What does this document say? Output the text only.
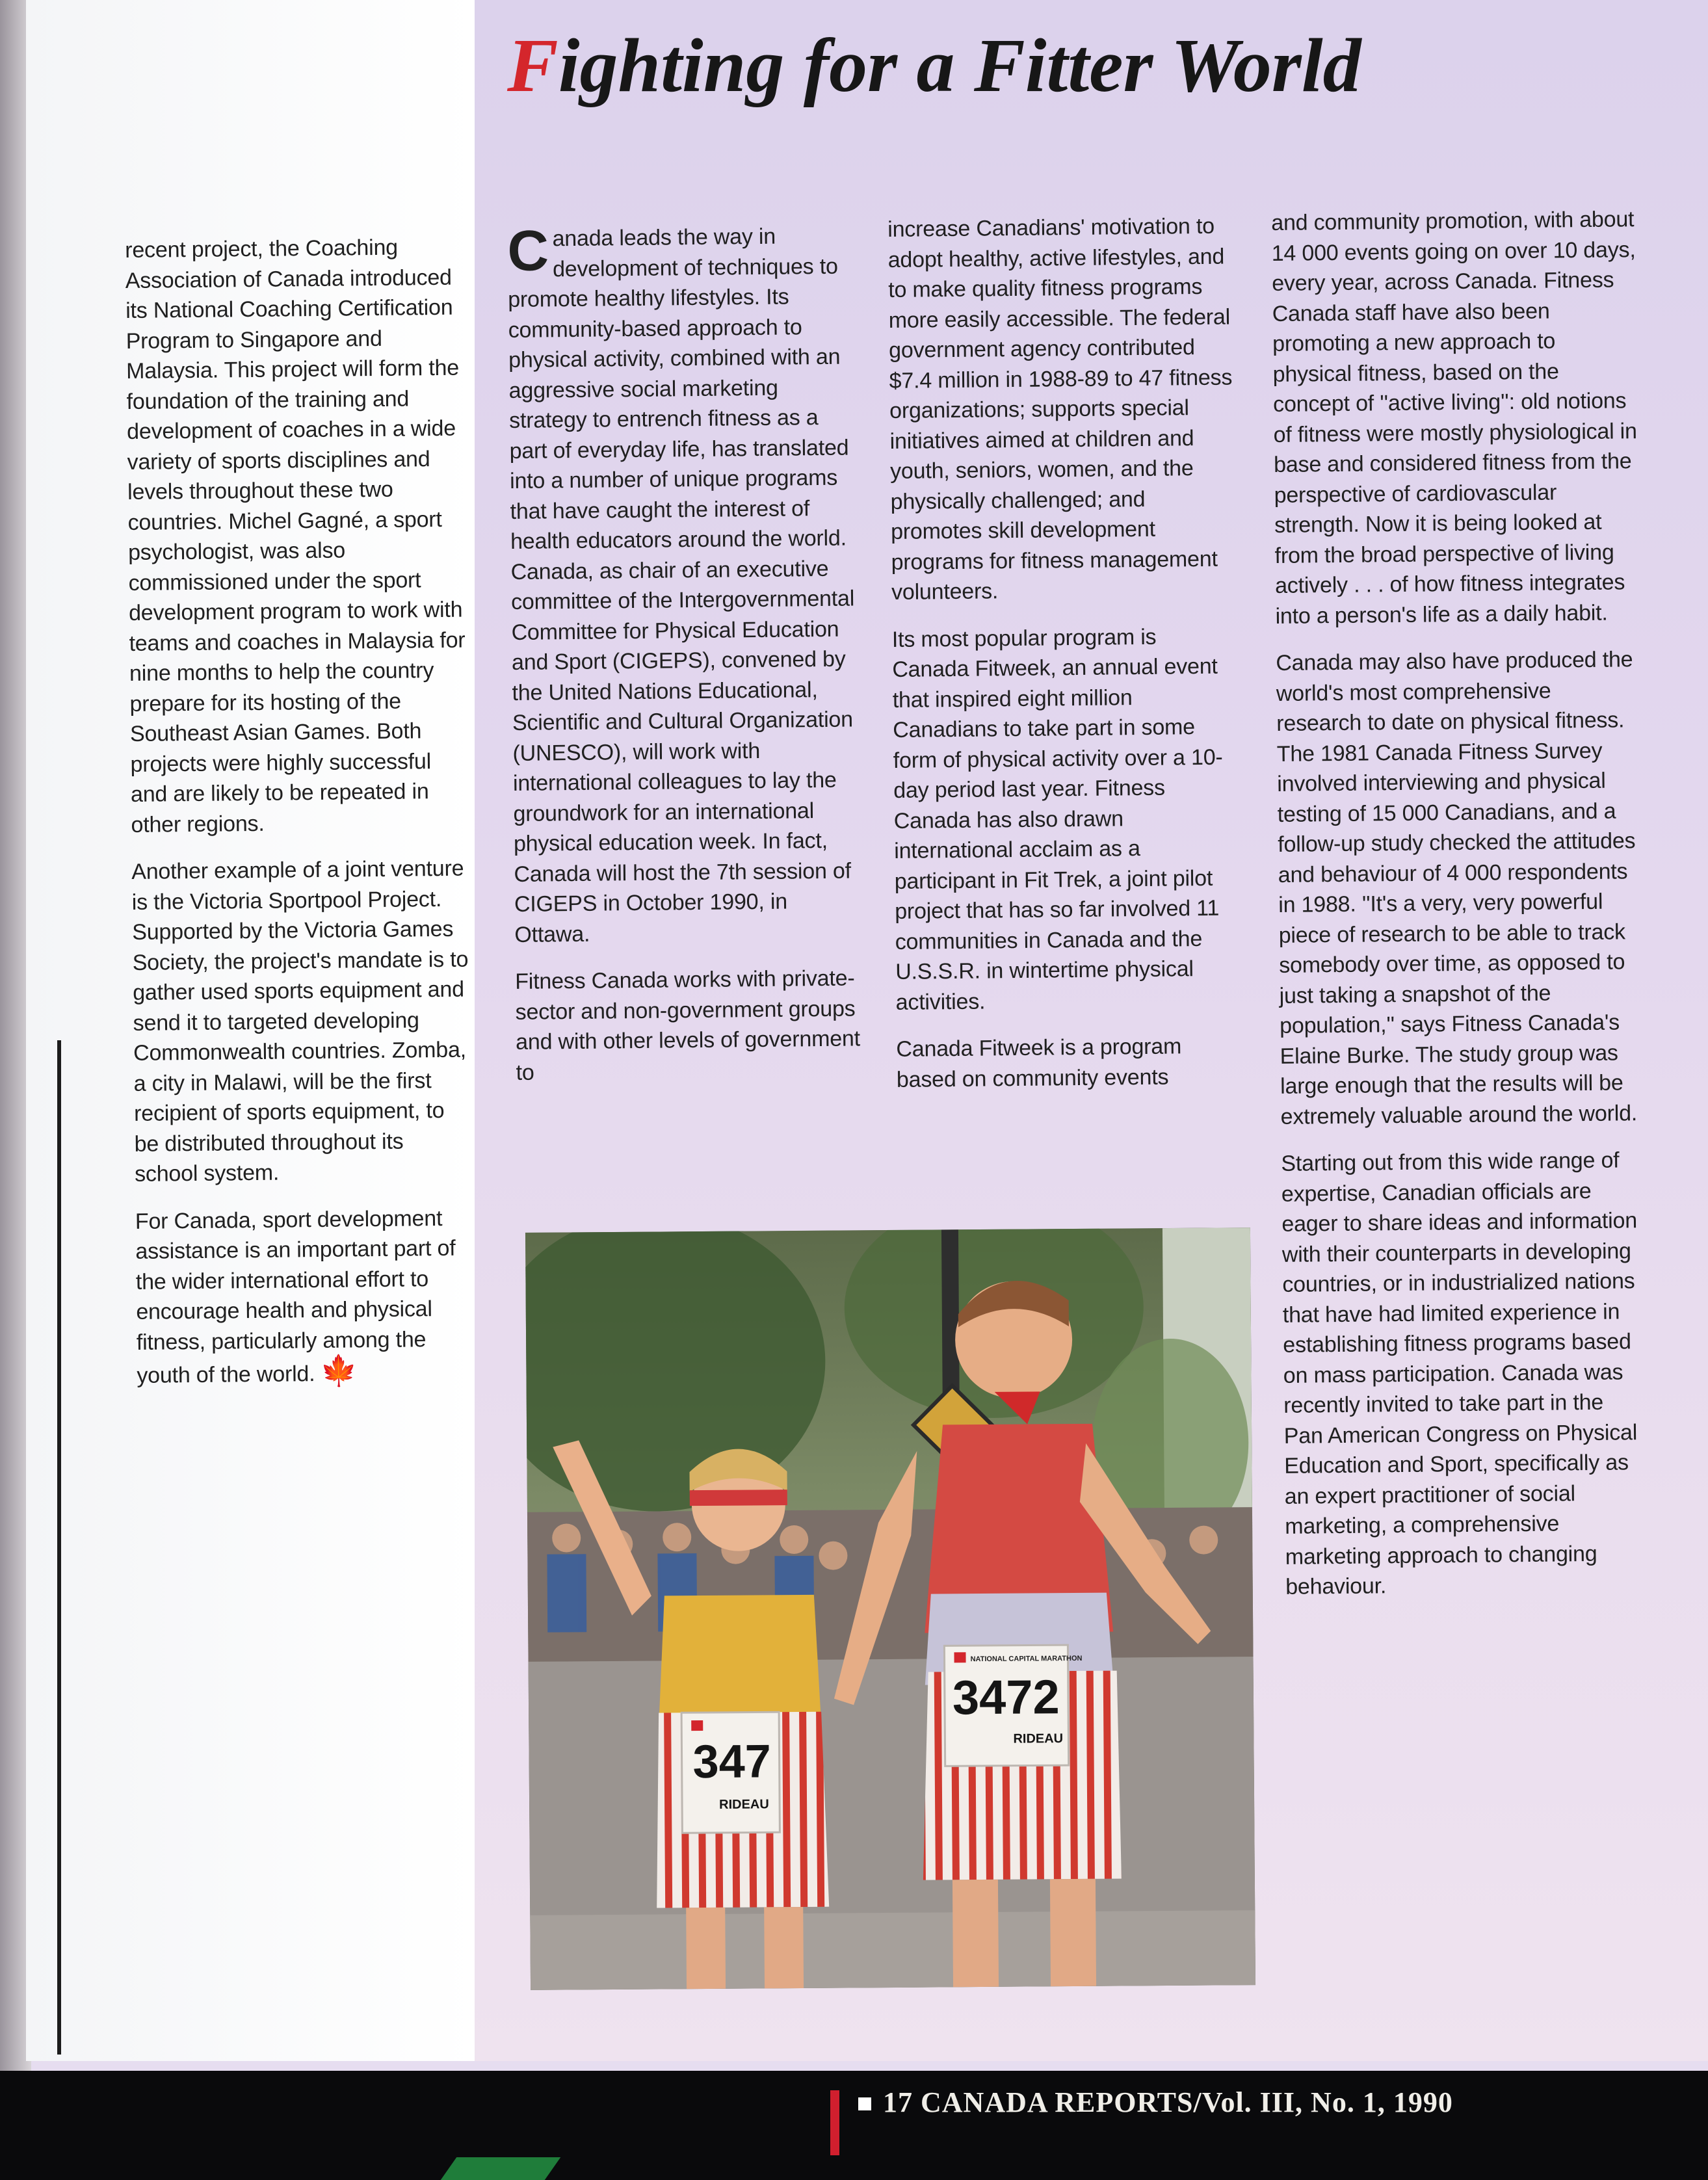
Fighting for a Fitter World

recent project, the Coaching Association of Canada introduced its National Coaching Certification Program to Singapore and Malaysia. This project will form the foundation of the training and development of coaches in a wide variety of sports disciplines and levels throughout these two countries. Michel Gagné, a sport psychologist, was also commissioned under the sport development program to work with teams and coaches in Malaysia for nine months to help the country prepare for its hosting of the Southeast Asian Games. Both projects were highly successful and are likely to be repeated in other regions.

Another example of a joint venture is the Victoria Sportpool Project. Supported by the Victoria Games Society, the project's mandate is to gather used sports equipment and send it to targeted developing Commonwealth countries. Zomba, a city in Malawi, will be the first recipient of sports equipment, to be distributed throughout its school system.

For Canada, sport development assistance is an important part of the wider international effort to encourage health and physical fitness, particularly among the youth of the world. 🍁

Canada leads the way in development of techniques to promote healthy lifestyles. Its community-based approach to physical activity, combined with an aggressive social marketing strategy to entrench fitness as a part of everyday life, has translated into a number of unique programs that have caught the interest of health educators around the world. Canada, as chair of an executive committee of the Intergovernmental Committee for Physical Education and Sport (CIGEPS), convened by the United Nations Educational, Scientific and Cultural Organization (UNESCO), will work with international colleagues to lay the groundwork for an international physical education week. In fact, Canada will host the 7th session of CIGEPS in October 1990, in Ottawa.

Fitness Canada works with private-sector and non-government groups and with other levels of government to

increase Canadians' motivation to adopt healthy, active lifestyles, and to make quality fitness programs more easily accessible. The federal government agency contributed $7.4 million in 1988-89 to 47 fitness organizations; supports special initiatives aimed at children and youth, seniors, women, and the physically challenged; and promotes skill development programs for fitness management volunteers.

Its most popular program is Canada Fitweek, an annual event that inspired eight million Canadians to take part in some form of physical activity over a 10-day period last year. Fitness Canada has also drawn international acclaim as a participant in Fit Trek, a joint pilot project that has so far involved 11 communities in Canada and the U.S.S.R. in wintertime physical activities.

Canada Fitweek is a program based on community events

and community promotion, with about 14 000 events going on over 10 days, every year, across Canada. Fitness Canada staff have also been promoting a new approach to physical fitness, based on the concept of ''active living'': old notions of fitness were mostly physiological in base and considered fitness from the perspective of cardiovascular strength. Now it is being looked at from the broad perspective of living actively . . . of how fitness integrates into a person's life as a daily habit.

Canada may also have produced the world's most comprehensive research to date on physical fitness. The 1981 Canada Fitness Survey involved interviewing and physical testing of 15 000 Canadians, and a follow-up study checked the attitudes and behaviour of 4 000 respondents in 1988. ''It's a very, very powerful piece of research to be able to track somebody over time, as opposed to just taking a snapshot of the population,'' says Fitness Canada's Elaine Burke. The study group was large enough that the results will be extremely valuable around the world.

Starting out from this wide range of expertise, Canadian officials are eager to share ideas and information with their counterparts in developing countries, or in industrialized nations that have had limited experience in establishing fitness programs based on mass participation. Canada was recently invited to take part in the Pan American Congress on Physical Education and Sport, specifically as an expert practitioner of social marketing, a comprehensive marketing approach to changing behaviour.

347
RIDEAU
NATIONAL CAPITAL MARATHON
3472
RIDEAU
17 CANADA REPORTS/Vol. III, No. 1, 1990
